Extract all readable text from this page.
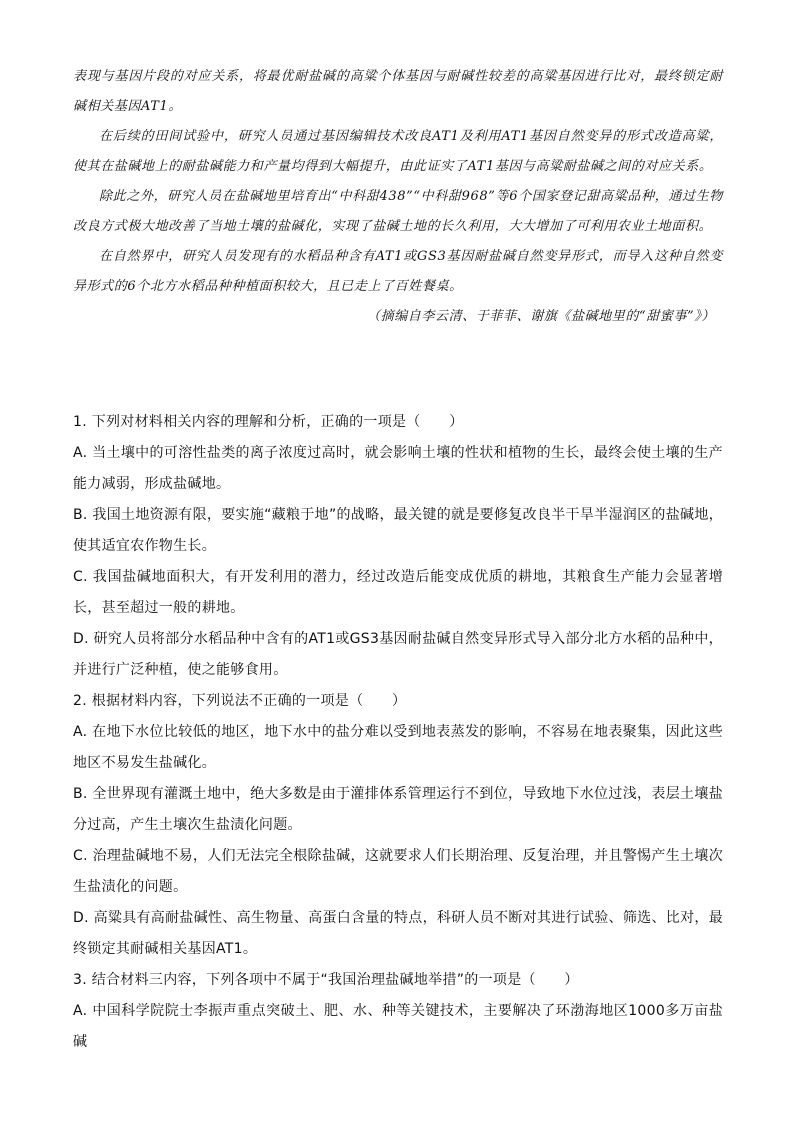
表现与基因片段的对应关系，将最优耐盐碱的高粱个体基因与耐碱性较差的高粱基因进行比对，最终锁定耐碱相关基因AT1。

在后续的田间试验中，研究人员通过基因编辑技术改良AT1及利用AT1基因自然变异的形式改造高粱，使其在盐碱地上的耐盐碱能力和产量均得到大幅提升，由此证实了AT1基因与高粱耐盐碱之间的对应关系。

除此之外，研究人员在盐碱地里培育出“中科甜438”“中科甜968”等6个国家登记甜高粱品种，通过生物改良方式极大地改善了当地土壤的盐碱化，实现了盐碱土地的长久利用，大大增加了可利用农业土地面积。

在自然界中，研究人员发现有的水稻品种含有AT1或GS3基因耐盐碱自然变异形式，而导入这种自然变异形式的6个北方水稻品种种植面积较大，且已走上了百姓餐桌。

（摘编自李云清、于菲菲、谢旗《盐碱地里的“甜蜜事”》）

1. 下列对材料相关内容的理解和分析，正确的一项是（　　）

A. 当土壤中的可溶性盐类的离子浓度过高时，就会影响土壤的性状和植物的生长，最终会使土壤的生产能力减弱，形成盐碱地。

B. 我国土地资源有限，要实施“藏粮于地”的战略，最关键的就是要修复改良半干旱半湿润区的盐碱地，使其适宜农作物生长。

C. 我国盐碱地面积大，有开发利用的潜力，经过改造后能变成优质的耕地，其粮食生产能力会显著增长，甚至超过一般的耕地。

D. 研究人员将部分水稻品种中含有的AT1或GS3基因耐盐碱自然变异形式导入部分北方水稻的品种中，并进行广泛种植，使之能够食用。

2. 根据材料内容，下列说法不正确的一项是（　　）

A. 在地下水位比较低的地区，地下水中的盐分难以受到地表蒸发的影响，不容易在地表聚集，因此这些地区不易发生盐碱化。

B. 全世界现有灌溉土地中，绝大多数是由于灌排体系管理运行不到位，导致地下水位过浅，表层土壤盐分过高，产生土壤次生盐渍化问题。

C. 治理盐碱地不易，人们无法完全根除盐碱，这就要求人们长期治理、反复治理，并且警惕产生土壤次生盐渍化的问题。

D. 高粱具有高耐盐碱性、高生物量、高蛋白含量的特点，科研人员不断对其进行试验、筛选、比对，最终锁定其耐碱相关基因AT1。

3. 结合材料三内容，下列各项中不属于“我国治理盐碱地举措”的一项是（　　）

A. 中国科学院院士李振声重点突破土、肥、水、种等关键技术，主要解决了环渤海地区1000多万亩盐碱
